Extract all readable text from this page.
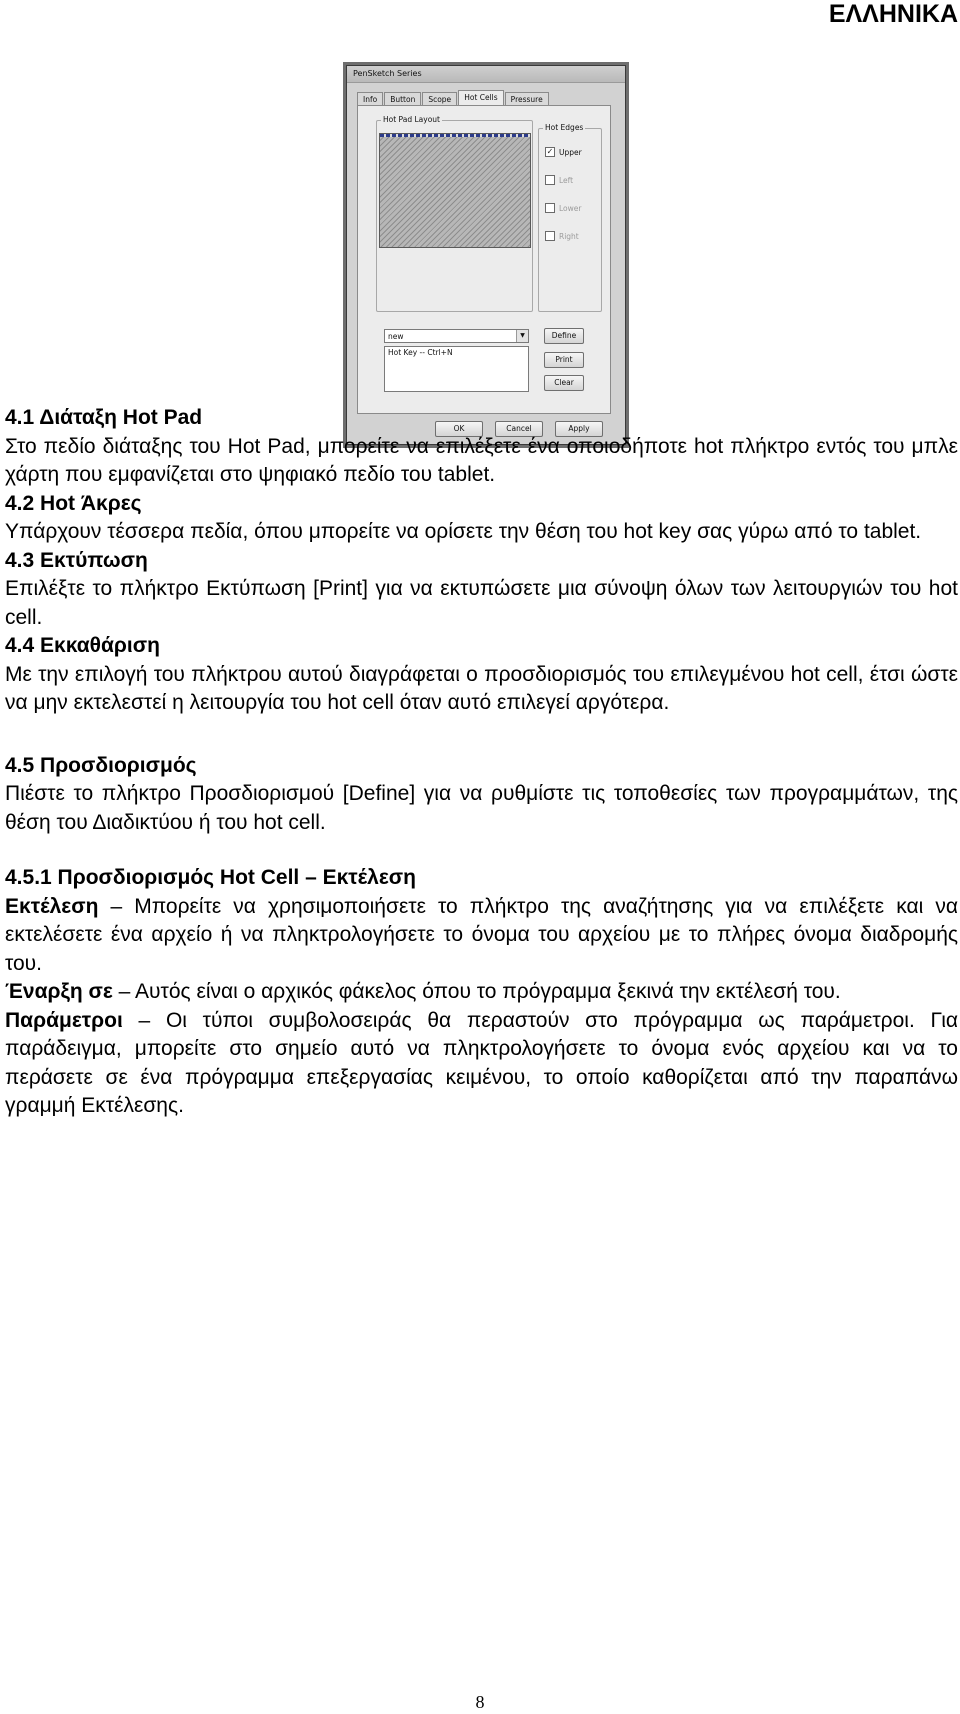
ΕΛΛΗΝΙΚΑ
PenSketch Series
Info	Button	Scope	Hot Cells	Pressure
Hot Pad Layout
Hot Edges
✓ Upper
Left
Lower
Right
new	▼
Hot Key -- Ctrl+N
Define
Print
Clear
OK	Cancel	Apply

4.1 Διάταξη Hot Pad

Στο πεδίο διάταξης του Hot Pad, μπορείτε να επιλέξετε ένα οποιοδήποτε hot πλήκτρο εντός του μπλε χάρτη που εμφανίζεται στο ψηφιακό πεδίο του tablet.

4.2 Hot Άκρες

Υπάρχουν τέσσερα πεδία, όπου μπορείτε να ορίσετε την θέση του hot key σας γύρω από το tablet.

4.3 Εκτύπωση

Επιλέξτε το πλήκτρο Εκτύπωση [Print] για να εκτυπώσετε μια σύνοψη όλων των λειτουργιών του hot cell.

4.4 Εκκαθάριση

Με την επιλογή του πλήκτρου αυτού διαγράφεται ο προσδιορισμός του επιλεγμένου hot cell, έτσι ώστε να μην εκτελεστεί η λειτουργία του hot cell όταν αυτό επιλεγεί αργότερα.

4.5 Προσδιορισμός

Πιέστε το πλήκτρο Προσδιορισμού [Define] για να ρυθμίστε τις τοποθεσίες των προγραμμάτων, της θέση του Διαδικτύου ή του hot cell.

4.5.1 Προσδιορισμός Hot Cell – Εκτέλεση

Εκτέλεση – Μπορείτε να χρησιμοποιήσετε το πλήκτρο της αναζήτησης για να επιλέξετε και να εκτελέσετε ένα αρχείο ή να πληκτρολογήσετε το όνομα του αρχείου με το πλήρες όνομα διαδρομής του.

Έναρξη σε – Αυτός είναι ο αρχικός φάκελος όπου το πρόγραμμα ξεκινά την εκτέλεσή του.

Παράμετροι – Οι τύποι συμβολοσειράς θα περαστούν στο πρόγραμμα ως παράμετροι. Για παράδειγμα, μπορείτε στο σημείο αυτό να πληκτρολογήσετε το όνομα ενός αρχείου και να το περάσετε σε ένα πρόγραμμα επεξεργασίας κειμένου, το οποίο καθορίζεται από την παραπάνω γραμμή Εκτέλεσης.

8
